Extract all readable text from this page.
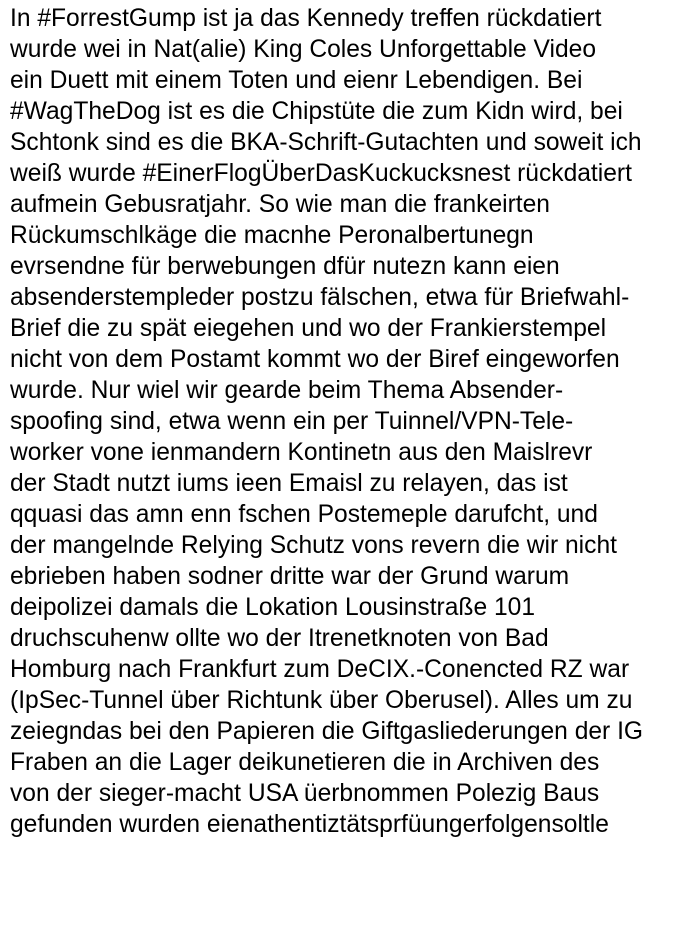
In #ForrestGump ist ja das Kennedy treffen rückdatiert
wurde wei in Nat(alie) King Coles Unforgettable Video
ein Duett mit einem Toten und eienr Lebendigen. Bei
#WagTheDog ist es die Chipstüte die zum Kidn wird, bei
Schtonk sind es die BKA-Schrift-Gutachten und soweit ich
weiß wurde #EinerFlogÜberDasKuckucksnest rückdatiert
aufmein Gebusratjahr. So wie man die frankeirten
Rückumschlkäge die macnhe Peronalbertunegn
evrsendne für berwebungen dfür nutezn kann eien
absenderstempleder postzu fälschen, etwa für Briefwahl-
Brief die zu spät eiegehen und wo der Frankierstempel
nicht von dem Postamt kommt wo der Biref eingeworfen
wurde. Nur wiel wir gearde beim Thema Absender-
spoofing sind, etwa wenn ein per Tuinnel/VPN-Tele-
worker vone ienmandern Kontinetn aus den Maislrevr
der Stadt nutzt iums ieen Emaisl zu relayen, das ist
qquasi das amn enn fschen Postemeple darufcht, und
der mangelnde Relying Schutz vons revern die wir nicht
ebrieben haben sodner dritte war der Grund warum
deipolizei damals die Lokation Lousinstraße 101
druchscuhenw ollte wo der Itrenetknoten von Bad
Homburg nach Frankfurt zum DeCIX.-Conencted RZ war
(IpSec-Tunnel über Richtunk über Oberusel). Alles um zu
zeiegndas bei den Papieren die Giftgasliederungen der IG
Fraben an die Lager deikunetieren die in Archiven des
von der sieger-macht USA üerbnommen Polezig Baus
gefunden wurden eienathentiztätsprfüungerfolgensoltle
